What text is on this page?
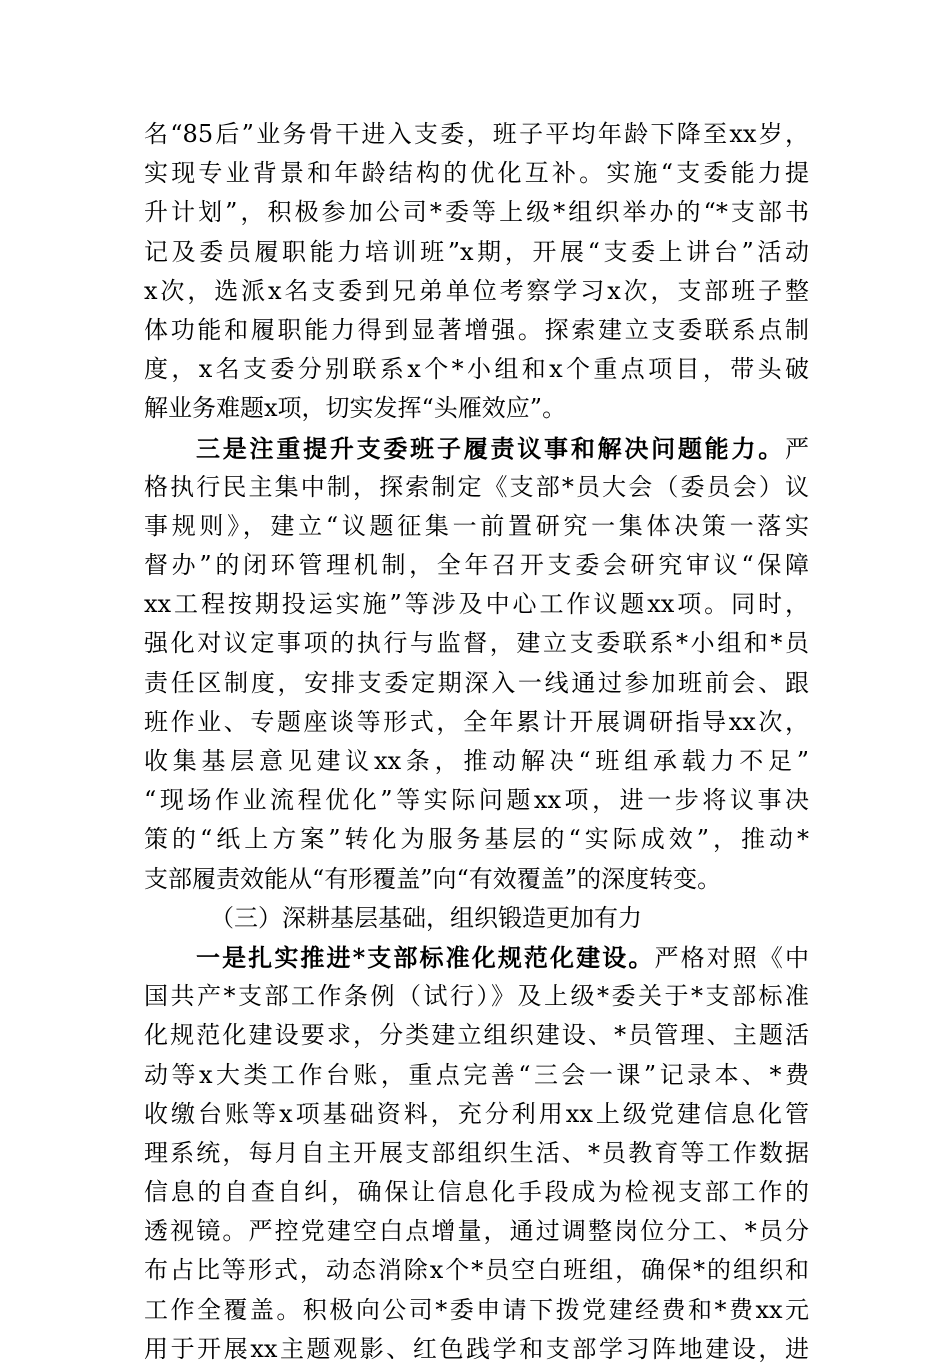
名“85后”业务骨干进入支委，班子平均年龄下降至xx岁，
实现专业背景和年龄结构的优化互补。实施“支委能力提
升计划”，积极参加公司*委等上级*组织举办的“*支部书
记及委员履职能力培训班”x期，开展“支委上讲台”活动
x次，选派x名支委到兄弟单位考察学习x次，支部班子整
体功能和履职能力得到显著增强。探索建立支委联系点制
度，x名支委分别联系x个*小组和x个重点项目，带头破
解业务难题x项，切实发挥“头雁效应”。
三是注重提升支委班子履责议事和解决问题能力。严
格执行民主集中制，探索制定《支部*员大会（委员会）议
事规则》，建立“议题征集一前置研究一集体决策一落实
督办”的闭环管理机制，全年召开支委会研究审议“保障
xx工程按期投运实施”等涉及中心工作议题xx项。同时，
强化对议定事项的执行与监督，建立支委联系*小组和*员
责任区制度，安排支委定期深入一线通过参加班前会、跟
班作业、专题座谈等形式，全年累计开展调研指导xx次，
收集基层意见建议xx条，推动解决“班组承载力不足”
“现场作业流程优化”等实际问题xx项，进一步将议事决
策的“纸上方案”转化为服务基层的“实际成效”，推动*
支部履责效能从“有形覆盖”向“有效覆盖”的深度转变。
（三）深耕基层基础，组织锻造更加有力
一是扎实推进*支部标准化规范化建设。严格对照《中
国共产*支部工作条例（试行）》及上级*委关于*支部标准
化规范化建设要求，分类建立组织建设、*员管理、主题活
动等x大类工作台账，重点完善“三会一课”记录本、*费
收缴台账等x项基础资料，充分利用xx上级党建信息化管
理系统，每月自主开展支部组织生活、*员教育等工作数据
信息的自查自纠，确保让信息化手段成为检视支部工作的
透视镜。严控党建空白点增量，通过调整岗位分工、*员分
布占比等形式，动态消除x个*员空白班组，确保*的组织和
工作全覆盖。积极向公司*委申请下拨党建经费和*费xx元
用于开展xx主题观影、红色践学和支部学习阵地建设，进
